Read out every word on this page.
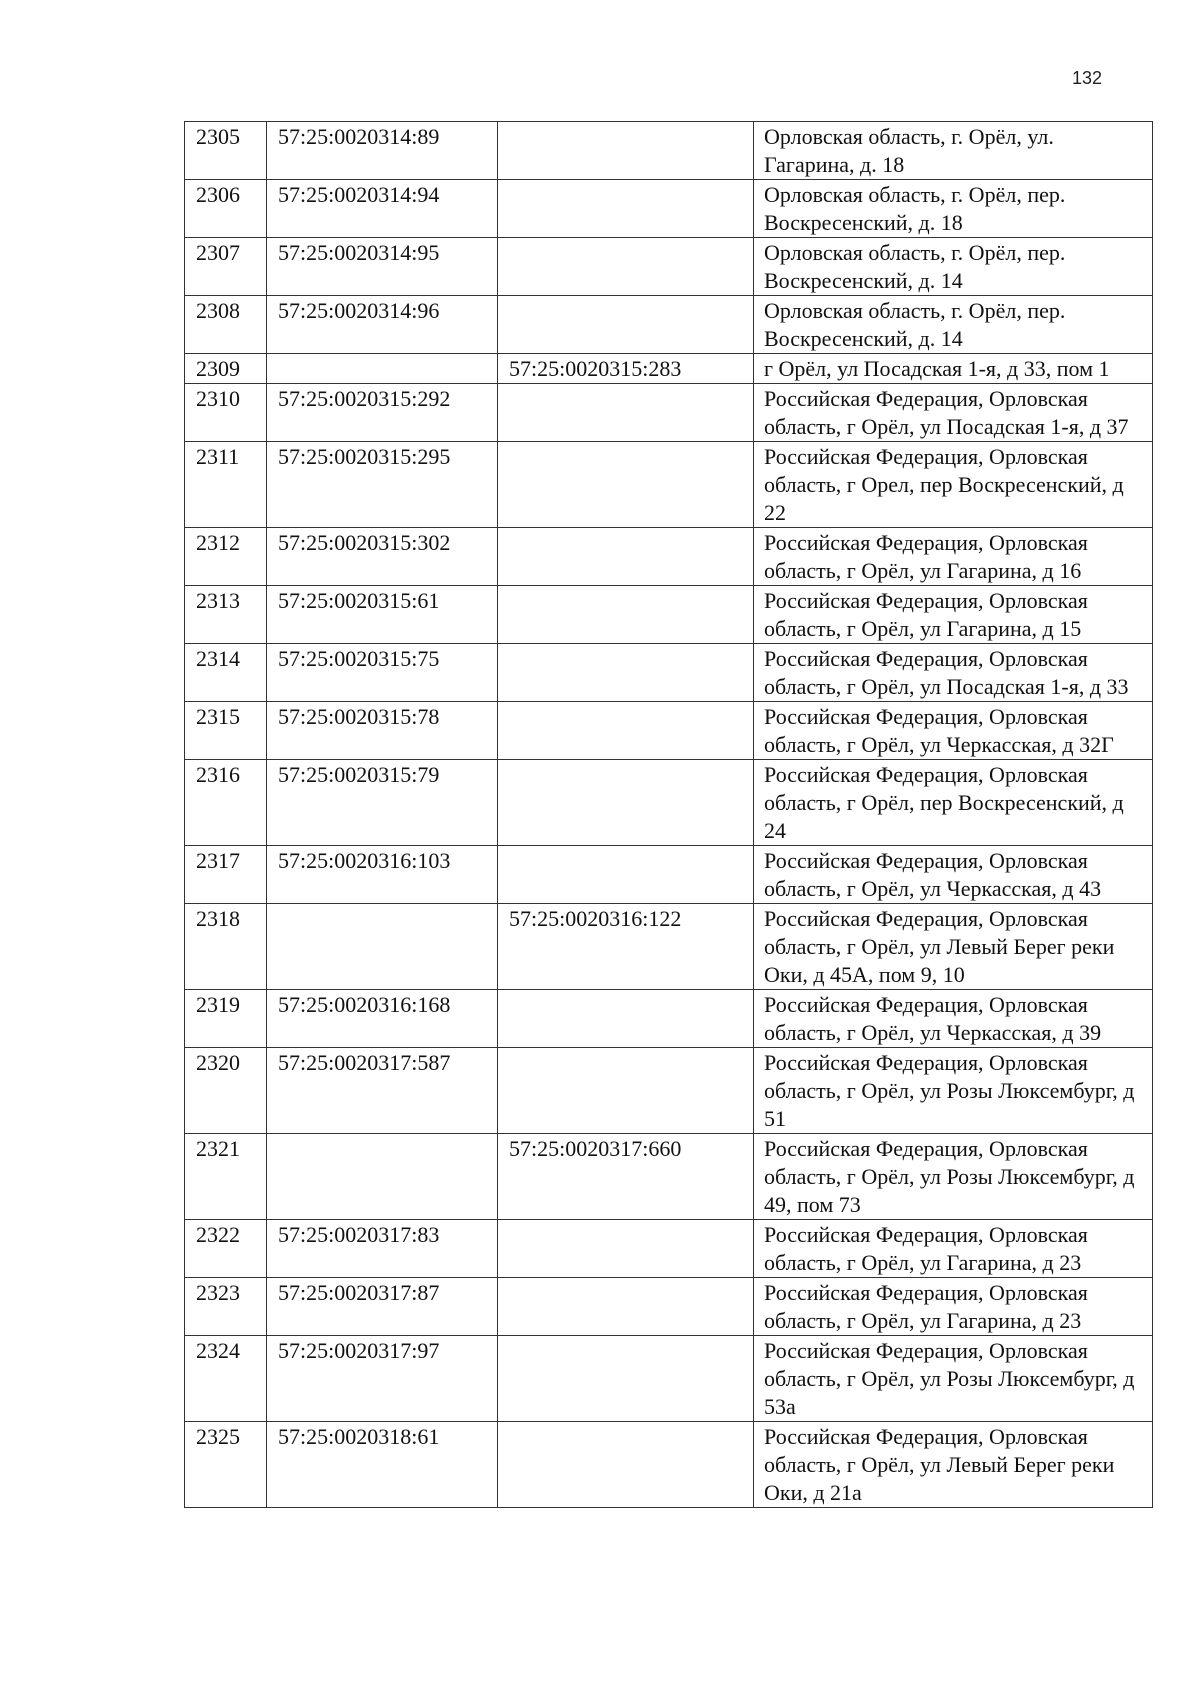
132
2305	57:25:0020314:89		Орловская область, г. Орёл, ул. Гагарина, д. 18
2306	57:25:0020314:94		Орловская область, г. Орёл, пер. Воскресенский, д. 18
2307	57:25:0020314:95		Орловская область, г. Орёл, пер. Воскресенский, д. 14
2308	57:25:0020314:96		Орловская область, г. Орёл, пер. Воскресенский, д. 14
2309		57:25:0020315:283	г Орёл, ул Посадская 1-я, д 33, пом 1
2310	57:25:0020315:292		Российская Федерация, Орловская область, г Орёл, ул Посадская 1-я, д 37
2311	57:25:0020315:295		Российская Федерация, Орловская область, г Орел, пер Воскресенский, д 22
2312	57:25:0020315:302		Российская Федерация, Орловская область, г Орёл, ул Гагарина, д 16
2313	57:25:0020315:61		Российская Федерация, Орловская область, г Орёл, ул Гагарина, д 15
2314	57:25:0020315:75		Российская Федерация, Орловская область, г Орёл, ул Посадская 1-я, д 33
2315	57:25:0020315:78		Российская Федерация, Орловская область, г Орёл, ул Черкасская, д 32Г
2316	57:25:0020315:79		Российская Федерация, Орловская область, г Орёл, пер Воскресенский, д 24
2317	57:25:0020316:103		Российская Федерация, Орловская область, г Орёл, ул Черкасская, д 43
2318		57:25:0020316:122	Российская Федерация, Орловская область, г Орёл, ул Левый Берег реки Оки, д 45А, пом 9, 10
2319	57:25:0020316:168		Российская Федерация, Орловская область, г Орёл, ул Черкасская, д 39
2320	57:25:0020317:587		Российская Федерация, Орловская область, г Орёл, ул Розы Люксембург, д 51
2321		57:25:0020317:660	Российская Федерация, Орловская область, г Орёл, ул Розы Люксембург, д 49, пом 73
2322	57:25:0020317:83		Российская Федерация, Орловская область, г Орёл, ул Гагарина, д 23
2323	57:25:0020317:87		Российская Федерация, Орловская область, г Орёл, ул Гагарина, д 23
2324	57:25:0020317:97		Российская Федерация, Орловская область, г Орёл, ул Розы Люксембург, д 53а
2325	57:25:0020318:61		Российская Федерация, Орловская область, г Орёл, ул Левый Берег реки Оки, д 21а
